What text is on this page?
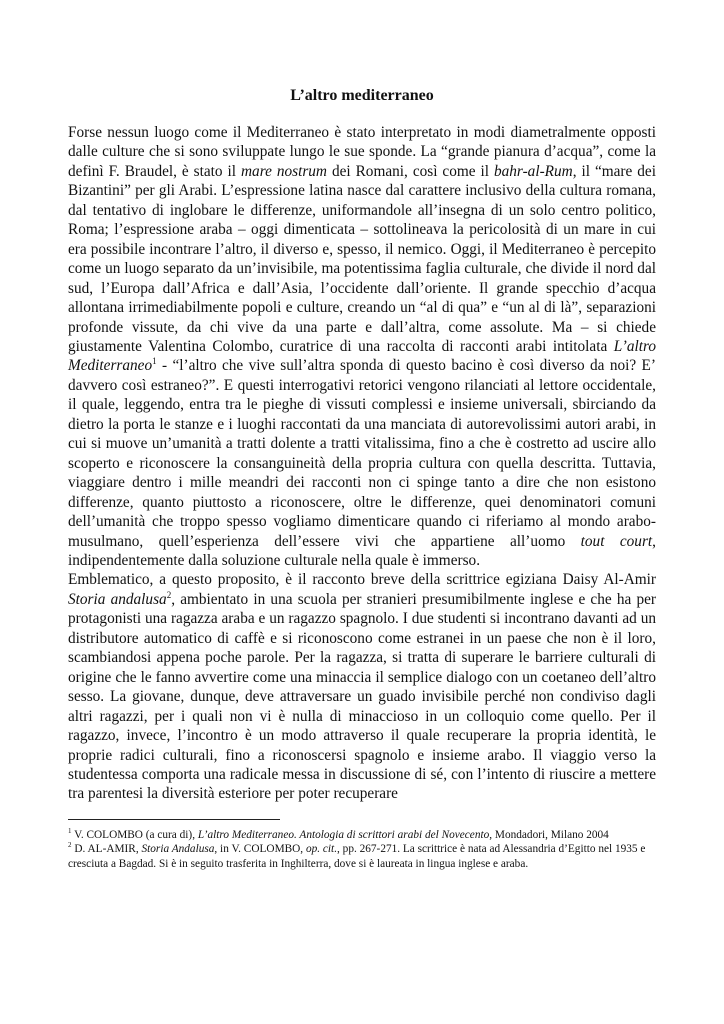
L’altro mediterraneo

Forse nessun luogo come il Mediterraneo è stato interpretato in modi diametralmente opposti dalle culture che si sono sviluppate lungo le sue sponde. La “grande pianura d’acqua”, come la definì F. Braudel, è stato il mare nostrum dei Romani, così come il bahr-al-Rum, il “mare dei Bizantini” per gli Arabi. L’espressione latina nasce dal carattere inclusivo della cultura romana, dal tentativo di inglobare le differenze, uniformandole all’insegna di un solo centro politico, Roma; l’espressione araba – oggi dimenticata – sottolineava la pericolosità di un mare in cui era possibile incontrare l’altro, il diverso e, spesso, il nemico. Oggi, il Mediterraneo è percepito come un luogo separato da un’invisibile, ma potentissima faglia culturale, che divide il nord dal sud, l’Europa dall’Africa e dall’Asia, l’occidente dall’oriente. Il grande specchio d’acqua allontana irrimediabilmente popoli e culture, creando un “al di qua” e “un al di là”, separazioni profonde vissute, da chi vive da una parte e dall’altra, come assolute. Ma – si chiede giustamente Valentina Colombo, curatrice di una raccolta di racconti arabi intitolata L’altro Mediterraneo$^1$ - “l’altro che vive sull’altra sponda di questo bacino è così diverso da noi? E’ davvero così estraneo?”. E questi interrogativi retorici vengono rilanciati al lettore occidentale, il quale, leggendo, entra tra le pieghe di vissuti complessi e insieme universali, sbirciando da dietro la porta le stanze e i luoghi raccontati da una manciata di autorevolissimi autori arabi, in cui si muove un’umanità a tratti dolente a tratti vitalissima, fino a che è costretto ad uscire allo scoperto e riconoscere la consanguineità della propria cultura con quella descritta. Tuttavia, viaggiare dentro i mille meandri dei racconti non ci spinge tanto a dire che non esistono differenze, quanto piuttosto a riconoscere, oltre le differenze, quei denominatori comuni dell’umanità che troppo spesso vogliamo dimenticare quando ci riferiamo al mondo arabo-musulmano, quell’esperienza dell’essere vivi che appartiene all’uomo tout court, indipendentemente dalla soluzione culturale nella quale è immerso.

Emblematico, a questo proposito, è il racconto breve della scrittrice egiziana Daisy Al-Amir Storia andalusa$^2$, ambientato in una scuola per stranieri presumibilmente inglese e che ha per protagonisti una ragazza araba e un ragazzo spagnolo. I due studenti si incontrano davanti ad un distributore automatico di caffè e si riconoscono come estranei in un paese che non è il loro, scambiandosi appena poche parole. Per la ragazza, si tratta di superare le barriere culturali di origine che le fanno avvertire come una minaccia il semplice dialogo con un coetaneo dell’altro sesso. La giovane, dunque, deve attraversare un guado invisibile perché non condiviso dagli altri ragazzi, per i quali non vi è nulla di minaccioso in un colloquio come quello. Per il ragazzo, invece, l’incontro è un modo attraverso il quale recuperare la propria identità, le proprie radici culturali, fino a riconoscersi spagnolo e insieme arabo. Il viaggio verso la studentessa comporta una radicale messa in discussione di sé, con l’intento di riuscire a mettere tra parentesi la diversità esteriore per poter recuperare

$^1$ V. COLOMBO (a cura di), L’altro Mediterraneo. Antologia di scrittori arabi del Novecento, Mondadori, Milano 2004

$^2$ D. AL-AMIR, Storia Andalusa, in V. COLOMBO, op. cit., pp. 267-271. La scrittrice è nata ad Alessandria d’Egitto nel 1935 e cresciuta a Bagdad. Si è in seguito trasferita in Inghilterra, dove si è laureata in lingua inglese e araba.
